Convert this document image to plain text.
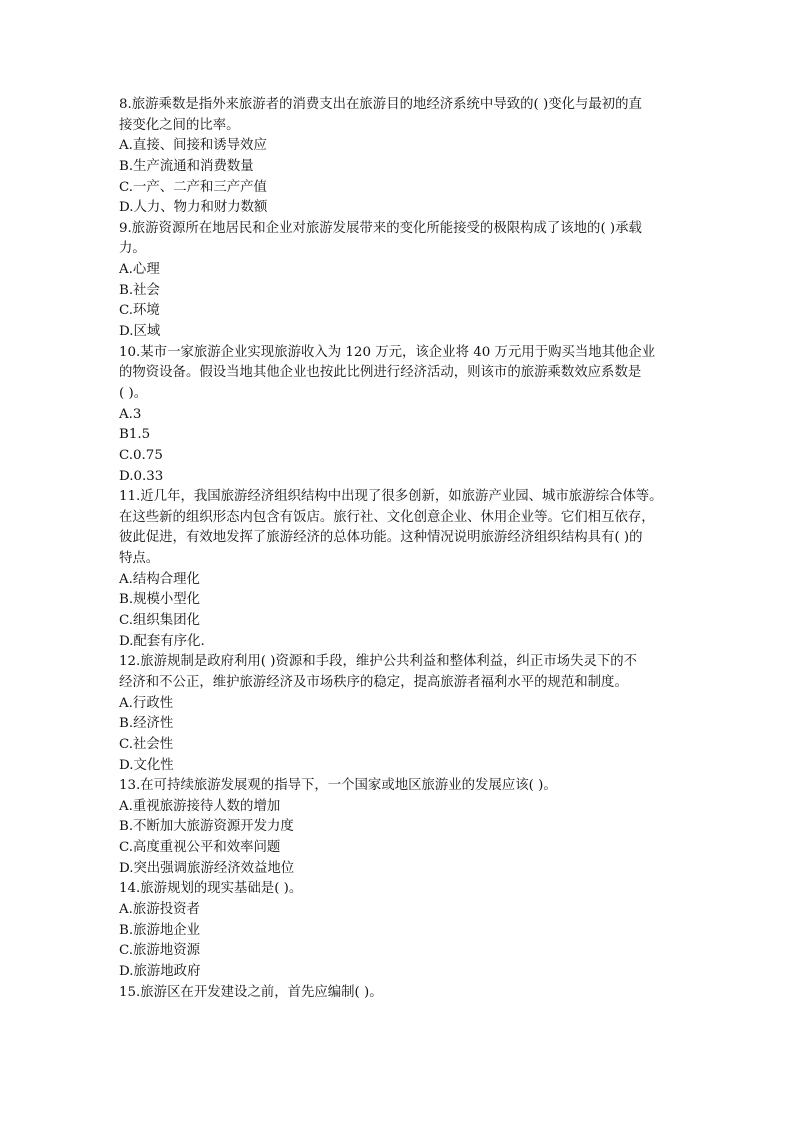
8.旅游乘数是指外来旅游者的消费支出在旅游目的地经济系统中导致的( )变化与最初的直
接变化之间的比率。
A.直接、间接和诱导效应
B.生产流通和消费数量
C.一产、二产和三产产值
D.人力、物力和财力数额
9.旅游资源所在地居民和企业对旅游发展带来的变化所能接受的极限构成了该地的( )承载
力。
A.心理
B.社会
C.环境
D.区域
10.某市一家旅游企业实现旅游收入为 120 万元，该企业将 40 万元用于购买当地其他企业
的物资设备。假设当地其他企业也按此比例进行经济活动，则该市的旅游乘数效应系数是
( )。
A.3
B1.5
C.0.75
D.0.33
11.近几年，我国旅游经济组织结构中出现了很多创新，如旅游产业园、城市旅游综合体等。
在这些新的组织形态内包含有饭店。旅行社、文化创意企业、休用企业等。它们相互依存，
彼此促进，有效地发挥了旅游经济的总体功能。这种情况说明旅游经济组织结构具有( )的
特点。
A.结构合理化
B.规模小型化
C.组织集团化
D.配套有序化.
12.旅游规制是政府利用( )资源和手段，维护公共利益和整体利益，纠正市场失灵下的不
经济和不公正，维护旅游经济及市场秩序的稳定，提高旅游者福利水平的规范和制度。
A.行政性
B.经济性
C.社会性
D.文化性
13.在可持续旅游发展观的指导下，一个国家或地区旅游业的发展应该( )。
A.重视旅游接待人数的增加
B.不断加大旅游资源开发力度
C.高度重视公平和效率问题
D.突出强调旅游经济效益地位
14.旅游规划的现实基础是( )。
A.旅游投资者
B.旅游地企业
C.旅游地资源
D.旅游地政府
15.旅游区在开发建设之前，首先应编制( )。
